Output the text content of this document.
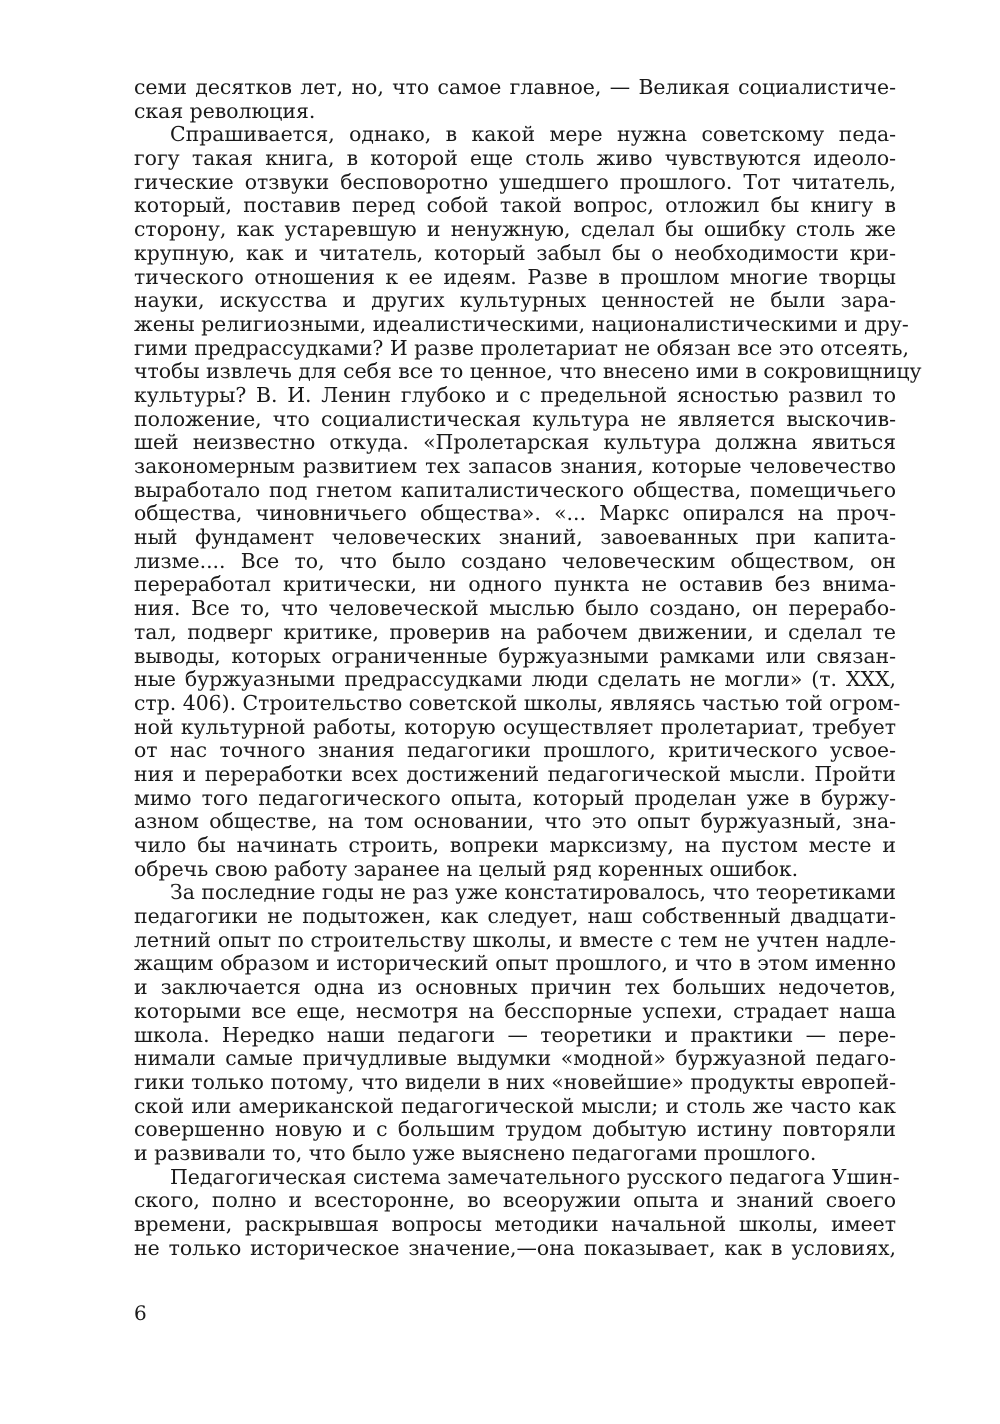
семи десятков лет, но, что самое главное, — Великая социалистиче-
ская революция.
Спрашивается, однако, в какой мере нужна советскому педа-
гогу такая книга, в которой еще столь живо чувствуются идеоло-
гические отзвуки бесповоротно ушедшего прошлого. Тот читатель,
который, поставив перед собой такой вопрос, отложил бы книгу в
сторону, как устаревшую и ненужную, сделал бы ошибку столь же
крупную, как и читатель, который забыл бы о необходимости кри-
тического отношения к ее идеям. Разве в прошлом многие творцы
науки, искусства и других культурных ценностей не были зара-
жены религиозными, идеалистическими, националистическими и дру-
гими предрассудками? И разве пролетариат не обязан все это отсеять,
чтобы извлечь для себя все то ценное, что внесено ими в сокровищницу
культуры? В. И. Ленин глубоко и с предельной ясностью развил то
положение, что социалистическая культура не является выскочив-
шей неизвестно откуда. «Пролетарская культура должна явиться
закономерным развитием тех запасов знания, которые человечество
выработало под гнетом капиталистического общества, помещичьего
общества, чиновничьего общества». «... Маркс опирался на проч-
ный фундамент человеческих знаний, завоеванных при капита-
лизме.... Все то, что было создано человеческим обществом, он
переработал критически, ни одного пункта не оставив без внима-
ния. Все то, что человеческой мыслью было создано, он перерабо-
тал, подверг критике, проверив на рабочем движении, и сделал те
выводы, которых ограниченные буржуазными рамками или связан-
ные буржуазными предрассудками люди сделать не могли» (т. XXX,
стр. 406). Строительство советской школы, являясь частью той огром-
ной культурной работы, которую осуществляет пролетариат, требует
от нас точного знания педагогики прошлого, критического усвое-
ния и переработки всех достижений педагогической мысли. Пройти
мимо того педагогического опыта, который проделан уже в буржу-
азном обществе, на том основании, что это опыт буржуазный, зна-
чило бы начинать строить, вопреки марксизму, на пустом месте и
обречь свою работу заранее на целый ряд коренных ошибок.
За последние годы не раз уже констатировалось, что теоретиками
педагогики не подытожен, как следует, наш собственный двадцати-
летний опыт по строительству школы, и вместе с тем не учтен надле-
жащим образом и исторический опыт прошлого, и что в этом именно
и заключается одна из основных причин тех больших недочетов,
которыми все еще, несмотря на бесспорные успехи, страдает наша
школа. Нередко наши педагоги — теоретики и практики — пере-
нимали самые причудливые выдумки «модной» буржуазной педаго-
гики только потому, что видели в них «новейшие» продукты европей-
ской или американской педагогической мысли; и столь же часто как
совершенно новую и с большим трудом добытую истину повторяли
и развивали то, что было уже выяснено педагогами прошлого.
Педагогическая система замечательного русского педагога Ушин-
ского, полно и всесторонне, во всеоружии опыта и знаний своего
времени, раскрывшая вопросы методики начальной школы, имеет
не только историческое значение,—она показывает, как в условиях,
6
